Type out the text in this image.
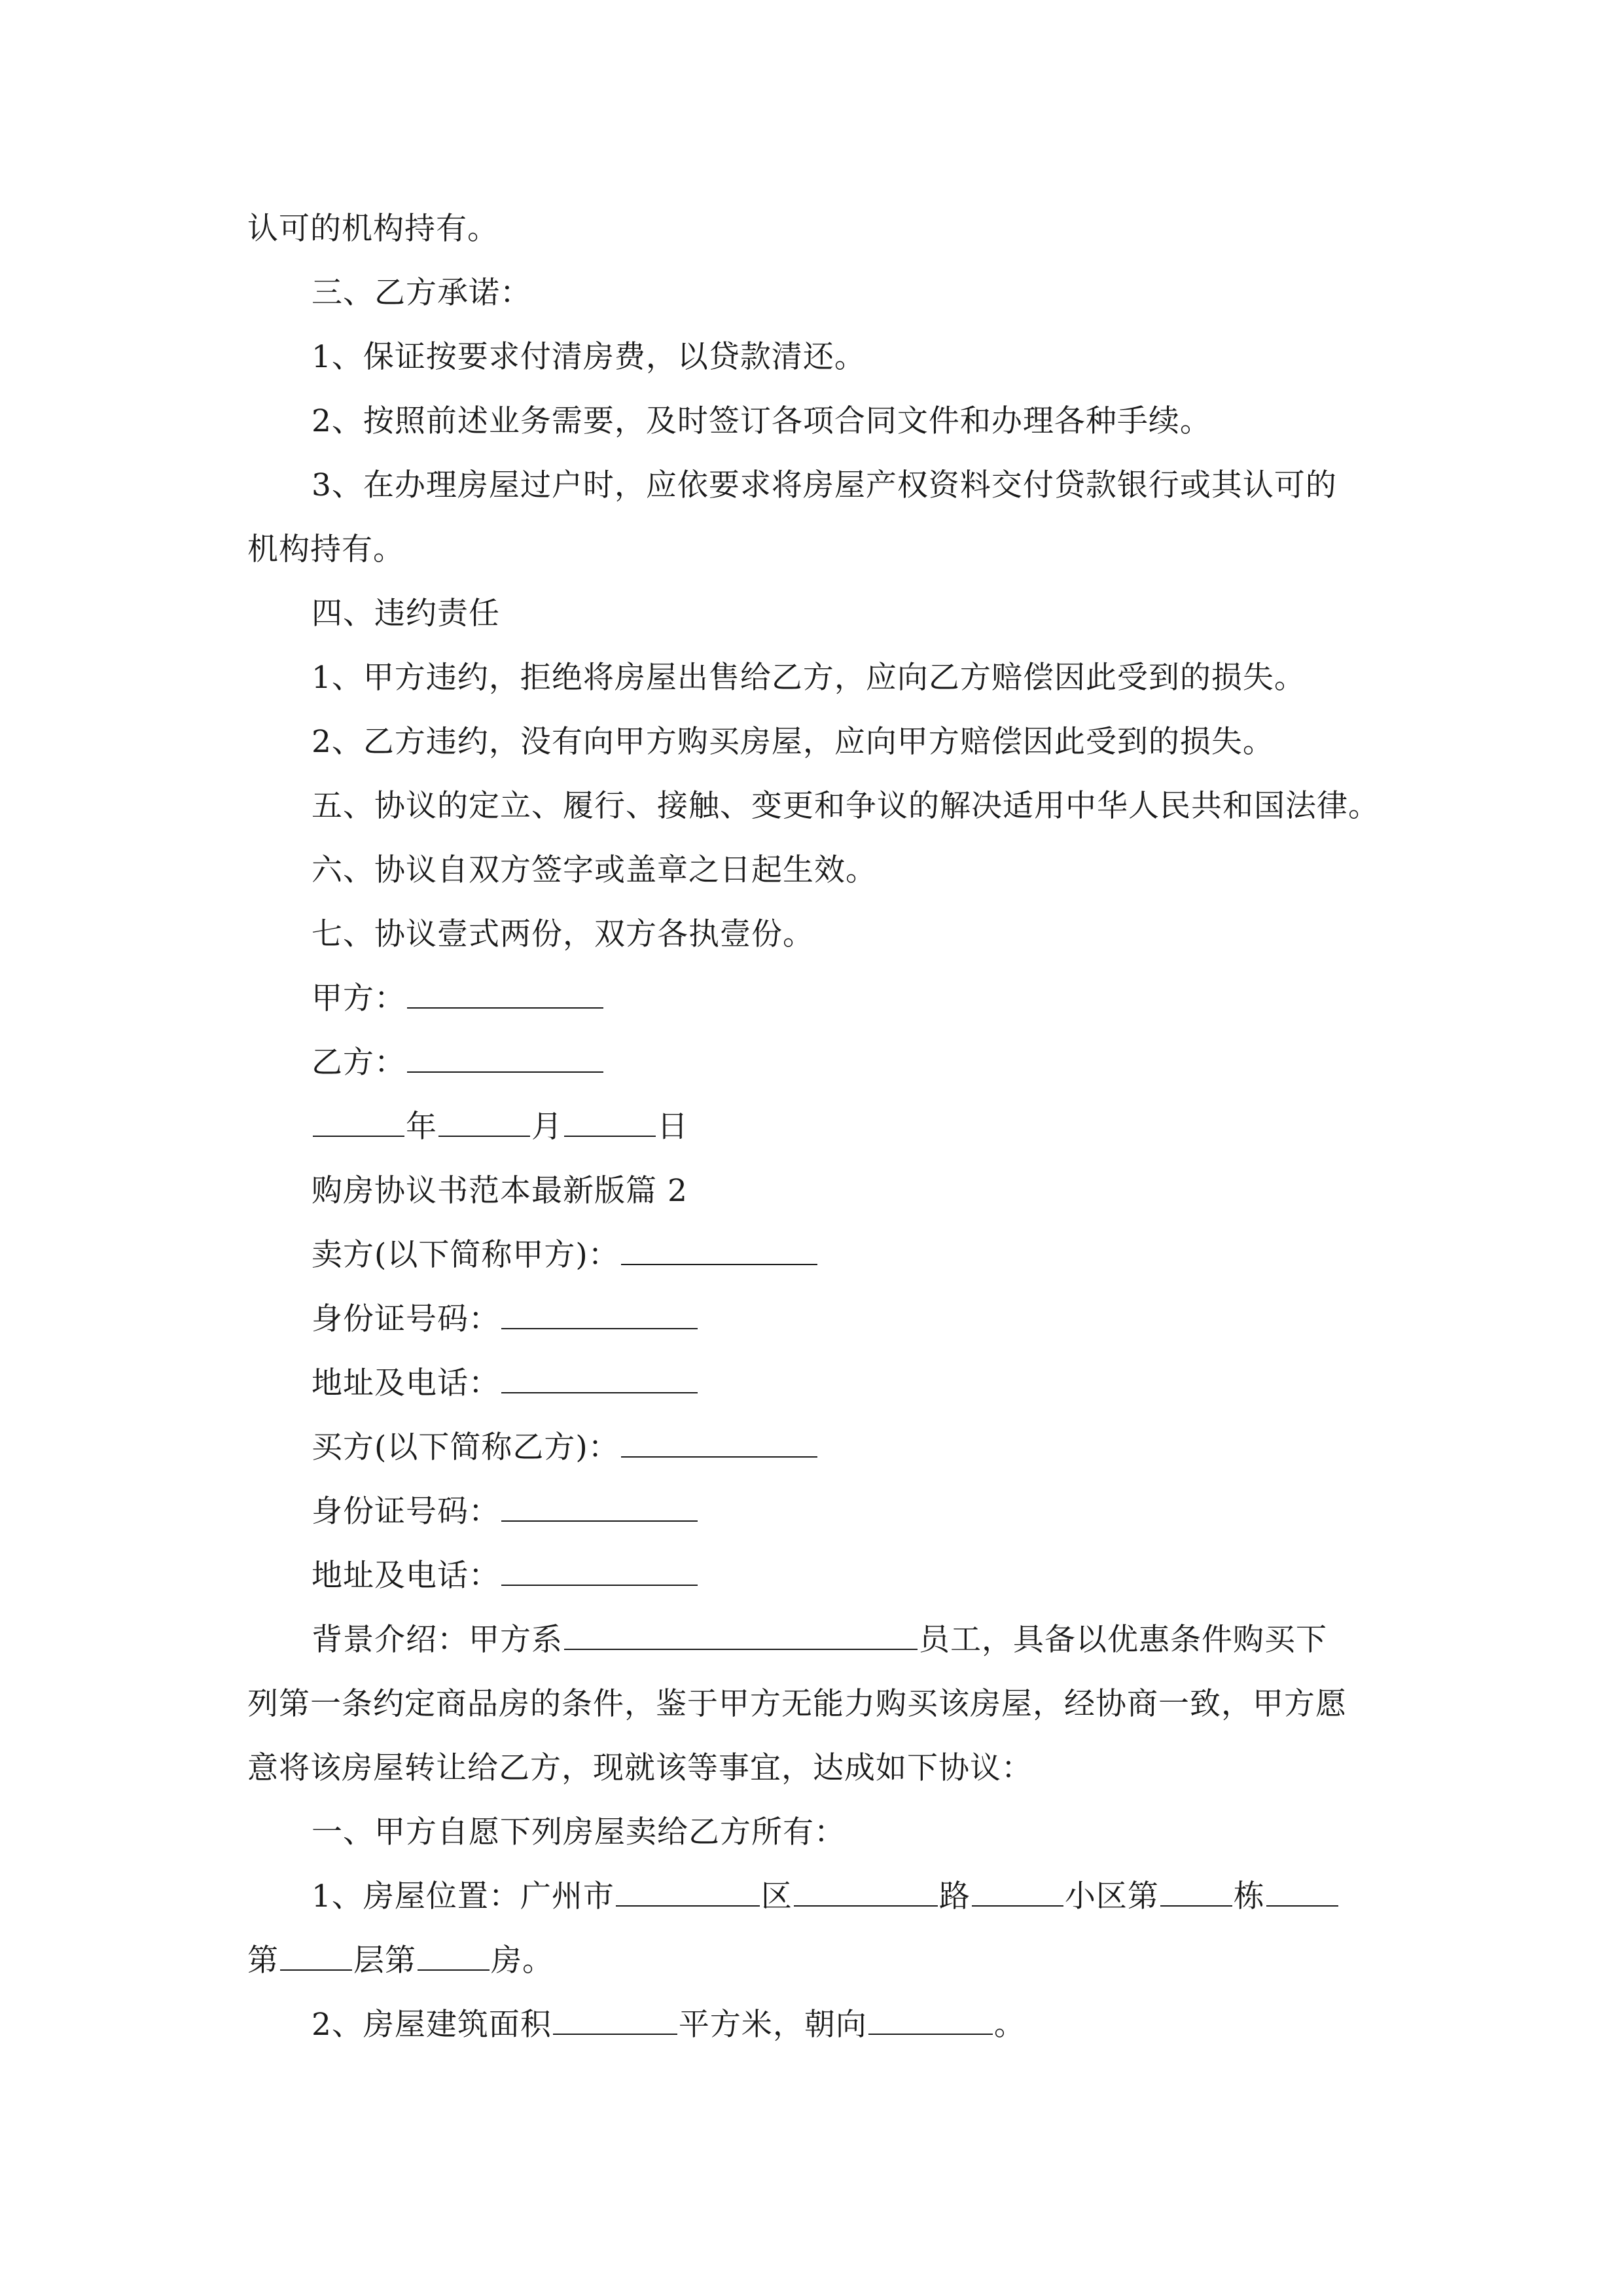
认可的机构持有。
三、乙方承诺：
1、保证按要求付清房费，以贷款清还。
2、按照前述业务需要，及时签订各项合同文件和办理各种手续。
3、在办理房屋过户时，应依要求将房屋产权资料交付贷款银行或其认可的
机构持有。
四、违约责任
1、甲方违约，拒绝将房屋出售给乙方，应向乙方赔偿因此受到的损失。
2、乙方违约，没有向甲方购买房屋，应向甲方赔偿因此受到的损失。
五、协议的定立、履行、接触、变更和争议的解决适用中华人民共和国法律。
六、协议自双方签字或盖章之日起生效。
七、协议壹式两份，双方各执壹份。
甲方：
乙方：
年	月	日
购房协议书范本最新版篇 2
卖方(以下简称甲方)：
身份证号码：
地址及电话：
买方(以下简称乙方)：
身份证号码：
地址及电话：
背景介绍：甲方系	员工，具备以优惠条件购买下
列第一条约定商品房的条件，鉴于甲方无能力购买该房屋，经协商一致，甲方愿
意将该房屋转让给乙方，现就该等事宜，达成如下协议：
一、甲方自愿下列房屋卖给乙方所有：
1、房屋位置：广州市	区	路	小区第 栋
第 层第 房。
2、房屋建筑面积	平方米，朝向	。
